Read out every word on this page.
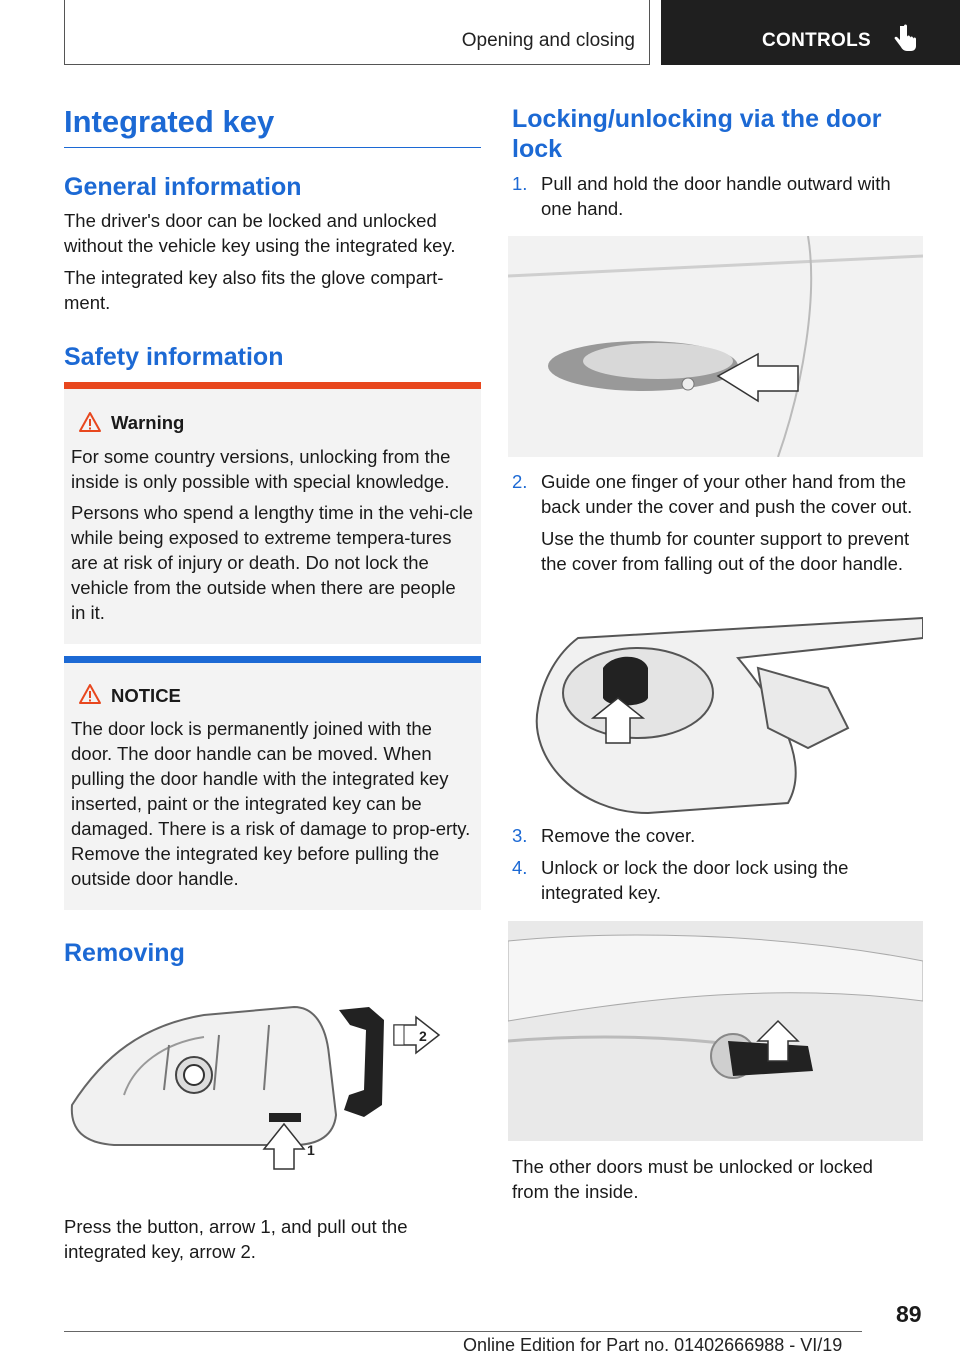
Opening and closing	CONTROLS
Integrated key
General information

The driver's door can be locked and unlocked without the vehicle key using the integrated key.

The integrated key also fits the glove compart-ment.

Safety information
Warning

For some country versions, unlocking from the inside is only possible with special knowledge.

Persons who spend a lengthy time in the vehi-cle while being exposed to extreme tempera-tures are at risk of injury or death. Do not lock the vehicle from the outside when there are people in it.

NOTICE

The door lock is permanently joined with the door. The door handle can be moved. When pulling the door handle with the integrated key inserted, paint or the integrated key can be damaged. There is a risk of damage to prop-erty. Remove the integrated key before pulling the outside door handle.

Removing
2
1

Press the button, arrow 1, and pull out the integrated key, arrow 2.

Locking/unlocking via the door lock
1. Pull and hold the door handle outward with one hand.

2. Guide one finger of your other hand from the back under the cover and push the cover out.

Use the thumb for counter support to prevent the cover from falling out of the door handle.

3. Remove the cover.

4. Unlock or lock the door lock using the integrated key.

The other doors must be unlocked or locked from the inside.

89
Online Edition for Part no. 01402666988 - VI/19
